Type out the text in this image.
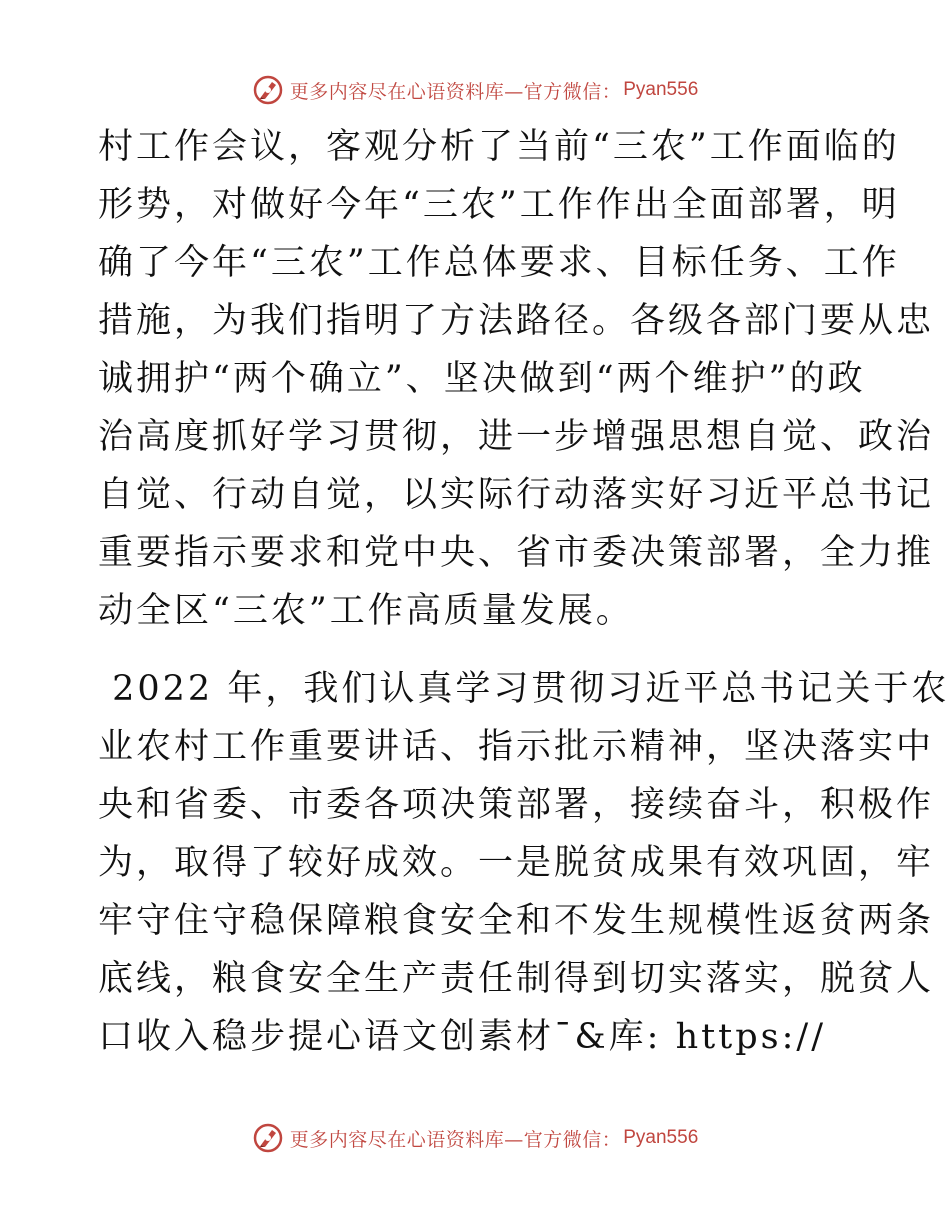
更多内容尽在心语资料库—官方微信： Pyan556
村工作会议，客观分析了当前“三农”工作面临的
形势，对做好今年“三农”工作作出全面部署，明
确了今年“三农”工作总体要求、目标任务、工作
措施，为我们指明了方法路径。各级各部门要从忠
诚拥护“两个确立”、坚决做到“两个维护”的政
治高度抓好学习贯彻，进一步增强思想自觉、政治
自觉、行动自觉，以实际行动落实好习近平总书记
重要指示要求和党中央、省市委决策部署，全力推
动全区“三农”工作高质量发展。
2022 年，我们认真学习贯彻习近平总书记关于农
业农村工作重要讲话、指示批示精神，坚决落实中
央和省委、市委各项决策部署，接续奋斗，积极作
为，取得了较好成效。一是脱贫成果有效巩固，牢
牢守住守稳保障粮食安全和不发生规模性返贫两条
底线，粮食安全生产责任制得到切实落实，脱贫人
口收入稳步提心语文创素材¯&库: https://
更多内容尽在心语资料库—官方微信： Pyan556
